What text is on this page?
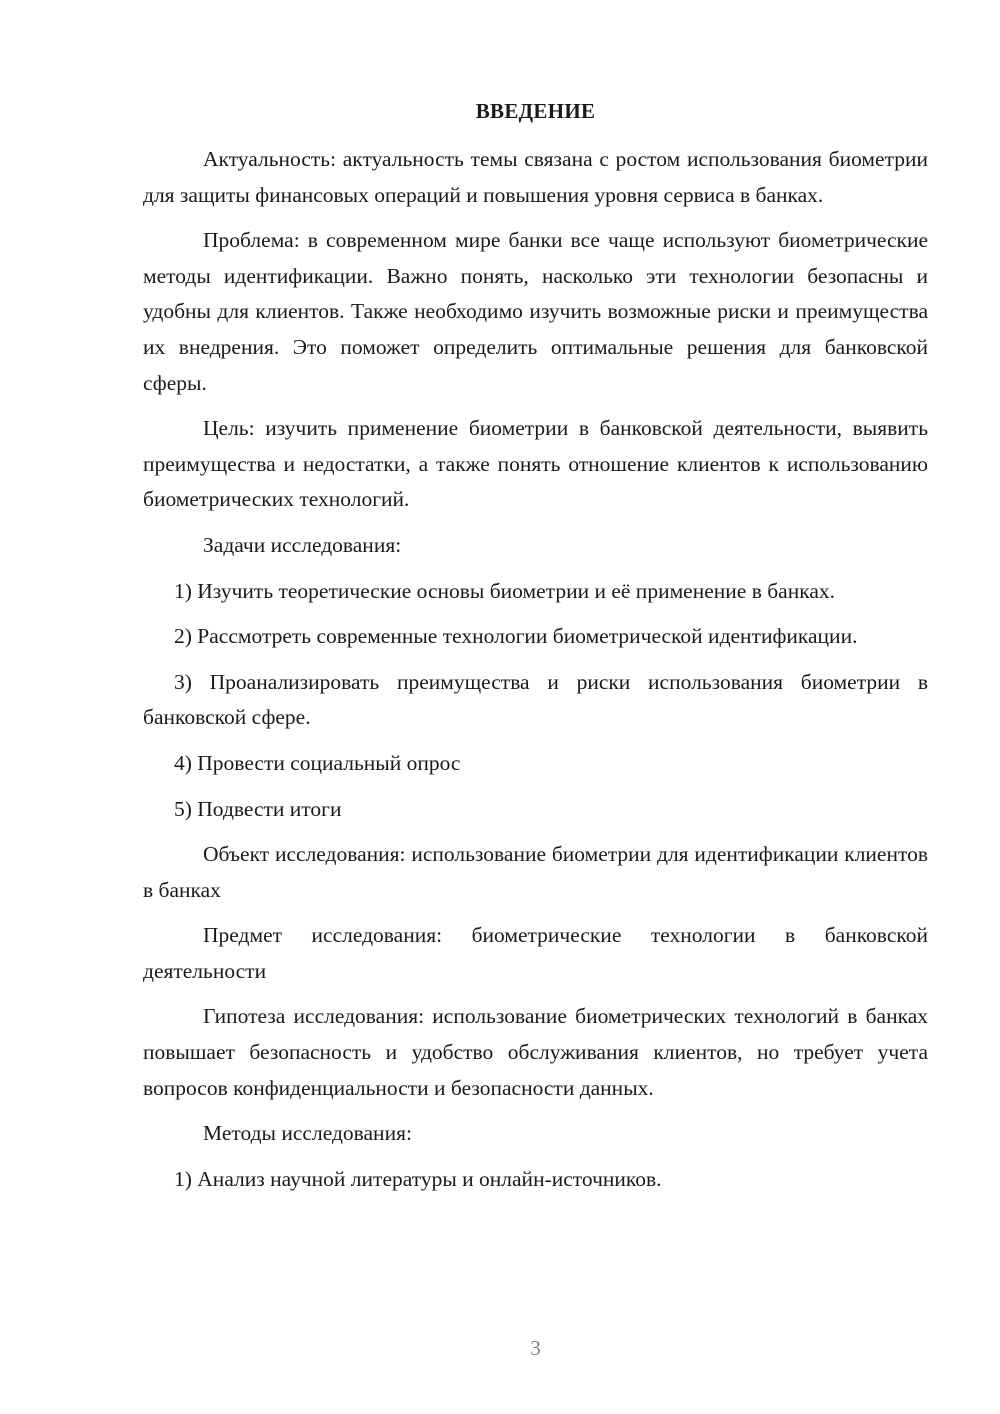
ВВЕДЕНИЕ

Актуальность: актуальность темы связана с ростом использования биометрии для защиты финансовых операций и повышения уровня сервиса в банках.

Проблема: в современном мире банки все чаще используют биометрические методы идентификации. Важно понять, насколько эти технологии безопасны и удобны для клиентов. Также необходимо изучить возможные риски и преимущества их внедрения. Это поможет определить оптимальные решения для банковской сферы.

Цель: изучить применение биометрии в банковской деятельности, выявить преимущества и недостатки, а также понять отношение клиентов к использованию биометрических технологий.

Задачи исследования:

1) Изучить теоретические основы биометрии и её применение в банках.

2) Рассмотреть современные технологии биометрической идентификации.

3) Проанализировать преимущества и риски использования биометрии в банковской сфере.

4) Провести социальный опрос

5) Подвести итоги

Объект исследования: использование биометрии для идентификации клиентов в банках

Предмет исследования: биометрические технологии в банковской деятельности

Гипотеза исследования: использование биометрических технологий в банках повышает безопасность и удобство обслуживания клиентов, но требует учета вопросов конфиденциальности и безопасности данных.

Методы исследования:

1) Анализ научной литературы и онлайн-источников.

3
